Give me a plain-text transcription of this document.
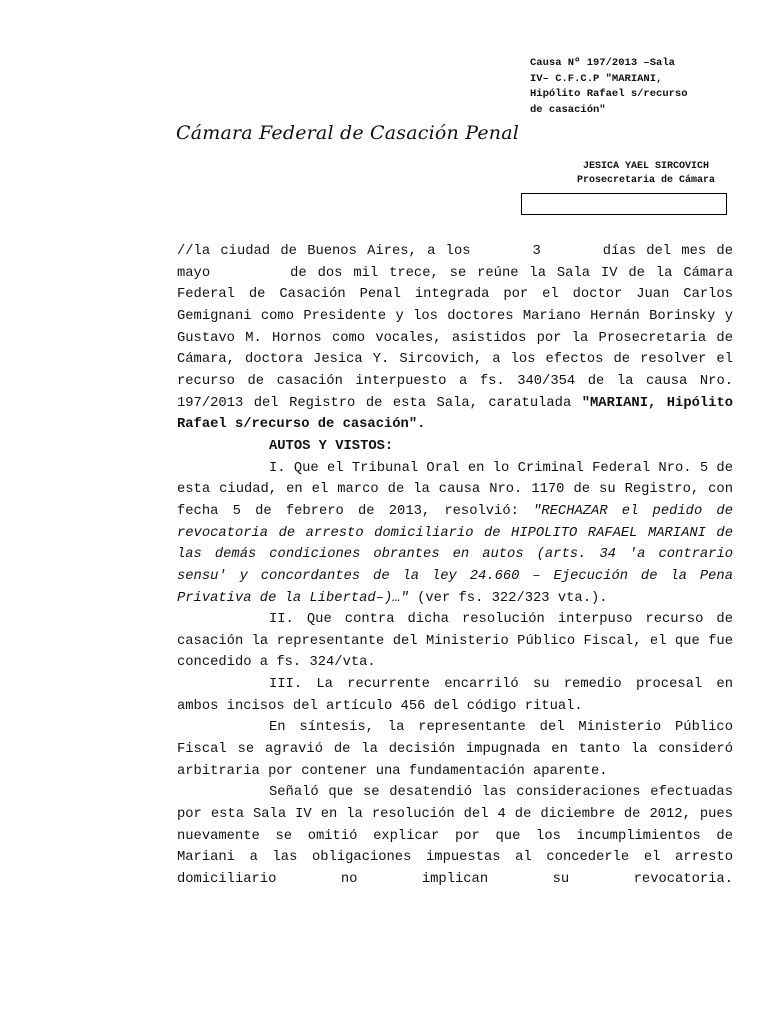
Causa Nº 197/2013 –Sala
IV– C.F.C.P "MARIANI,
Hipólito Rafael s/recurso
de casación"
Cámara Federal de Casación Penal
JESICA YAEL SIRCOVICH
Prosecretaria de Cámara

//la ciudad de Buenos Aires, a los	3	días del mes de mayo	de dos mil trece, se reúne la Sala IV de la Cámara Federal de Casación Penal integrada por el doctor Juan Carlos Gemignani como Presidente y los doctores Mariano Hernán Borinsky y Gustavo M. Hornos como vocales, asistidos por la Prosecretaria de Cámara, doctora Jesica Y. Sircovich, a los efectos de resolver el recurso de casación interpuesto a fs. 340/354 de la causa Nro. 197/2013 del Registro de esta Sala, caratulada "MARIANI, Hipólito Rafael s/recurso de casación".

AUTOS Y VISTOS:

I. Que el Tribunal Oral en lo Criminal Federal Nro. 5 de esta ciudad, en el marco de la causa Nro. 1170 de su Registro, con fecha 5 de febrero de 2013, resolvió: "RECHAZAR el pedido de revocatoria de arresto domiciliario de HIPOLITO RAFAEL MARIANI de las demás condiciones obrantes en autos (arts. 34 'a contrario sensu' y concordantes de la ley 24.660 – Ejecución de la Pena Privativa de la Libertad–)…" (ver fs. 322/323 vta.).

II. Que contra dicha resolución interpuso recurso de casación la representante del Ministerio Público Fiscal, el que fue concedido a fs. 324/vta.

III. La recurrente encarriló su remedio procesal en ambos incisos del artículo 456 del código ritual.

En síntesis, la representante del Ministerio Público Fiscal se agravió de la decisión impugnada en tanto la consideró arbitraria por contener una fundamentación aparente.

Señaló que se desatendió las consideraciones efectuadas por esta Sala IV en la resolución del 4 de diciembre de 2012, pues nuevamente se omitió explicar por que los incumplimientos de Mariani a las obligaciones impuestas al concederle el arresto domiciliario no implican su revocatoria.
